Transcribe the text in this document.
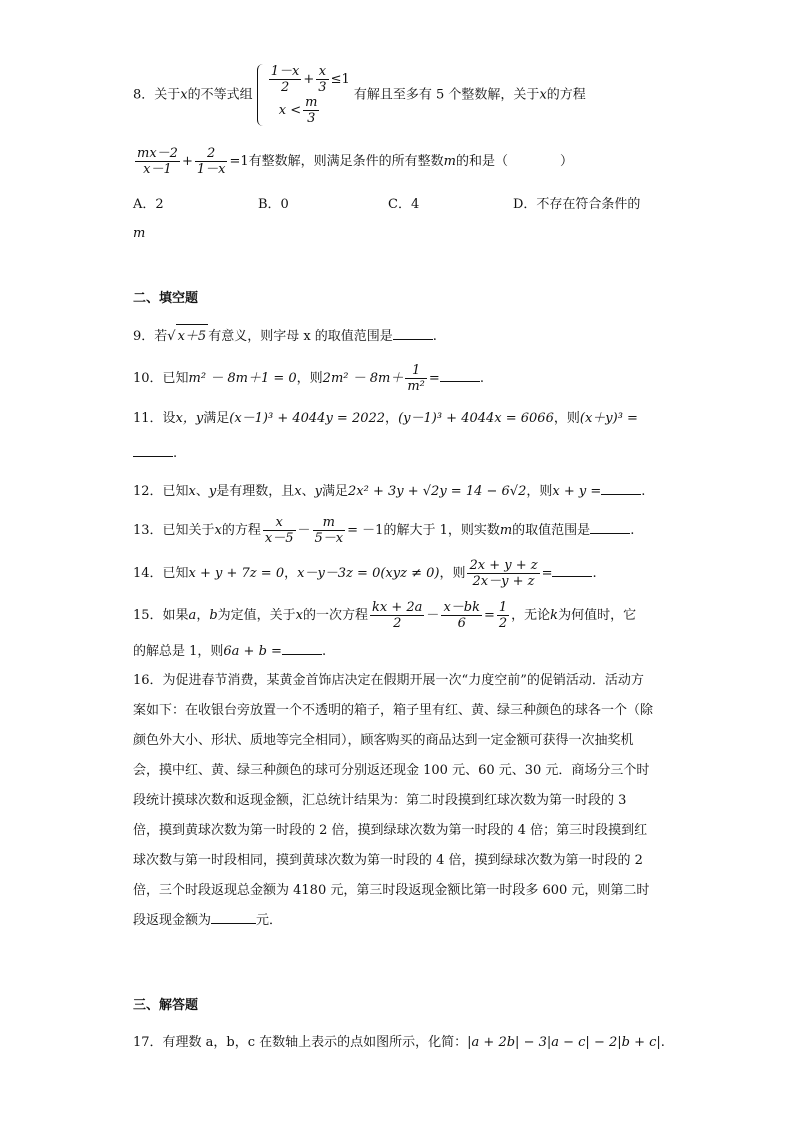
8．关于x的不等式组 $\frac{1-x}{2} + \frac{x}{3} \le 1$
$x < \frac{m}{3}$	有解且至多有 5 个整数解，关于x的方程
$\frac{mx-2}{x-1} + \frac{2}{1-x} =1$有整数解，则满足条件的所有整数m的和是（　　　　）
A．2	B．0	C．4	D．不存在符合条件的
m
二、填空题
9．若√ x＋5 有意义，则字母 x 的取值范围是	.
10．已知m² － 8m＋1 = 0，则$2m^2 - 8m+ \frac{1}{\text{m²}}$ =	.
11．设x，y满足(x－1)³ + 4044y = 2022，(y－1)³ + 4044x = 6066，则(x＋y)³ =
.
12．已知x、y是有理数，且x、y满足2x² + 3y + √2y = 14 − 6√2，则x + y =	.
13．已知关于x的方程 $\frac{x}{x-5} - \frac{m}{5-x} = -1$的解大于 1，则实数m的取值范围是	.
14．已知x + y + 7z = 0，x－y－3z = 0(xyz ≠ 0)，则 $\frac{2x + y + z}{2x-y + z}$ =	.
15．如果a，b为定值，关于x的一次方程 $\frac{kx + 2a}{2} - \frac{x-bk}{6} = \frac{1}{2}$ ，无论k为何值时，它
的解总是 1，则6a + b =	.
16．为促进春节消费，某黄金首饰店决定在假期开展一次“力度空前”的促销活动．活动方案如下：在收银台旁放置一个不透明的箱子，箱子里有红、黄、绿三种颜色的球各一个（除颜色外大小、形状、质地等完全相同），顾客购买的商品达到一定金额可获得一次抽奖机会，摸中红、黄、绿三种颜色的球可分别返还现金 100 元、60 元、30 元．商场分三个时段统计摸球次数和返现金额，汇总统计结果为：第二时段摸到红球次数为第一时段的 3 倍，摸到黄球次数为第一时段的 2 倍，摸到绿球次数为第一时段的 4 倍；第三时段摸到红球次数与第一时段相同，摸到黄球次数为第一时段的 4 倍，摸到绿球次数为第一时段的 2 倍，三个时段返现总金额为 4180 元，第三时段返现金额比第一时段多 600 元，则第二时段返现金额为	元．
三、解答题
17．有理数 a，b，c 在数轴上表示的点如图所示，化简：|a + 2b| − 3|a − c| − 2|b + c|.
